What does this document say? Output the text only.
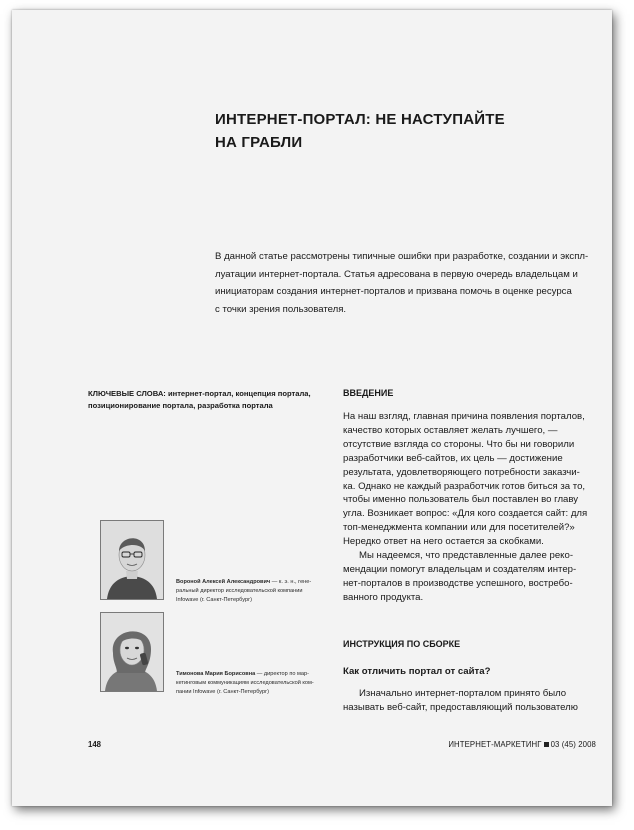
ИНТЕРНЕТ-ПОРТАЛ: НЕ НАСТУПАЙТЕ
НА ГРАБЛИ
В данной статье рассмотрены типичные ошибки при разработке, создании и экспл-
луатации интернет-портала. Статья адресована в первую очередь владельцам и
инициаторам создания интернет-порталов и призвана помочь в оценке ресурса
с точки зрения пользователя.
КЛЮЧЕВЫЕ СЛОВА: интернет-портал, концепция портала,
позиционирование портала, разработка портала
ВВЕДЕНИЕ

На наш взгляд, главная причина появления порталов,

качество которых оставляет желать лучшего, —

отсутствие взгляда со стороны. Что бы ни говорили

разработчики веб-сайтов, их цель — достижение

результата, удовлетворяющего потребности заказчи-

ка. Однако не каждый разработчик готов биться за то,

чтобы именно пользователь был поставлен во главу

угла. Возникает вопрос: «Для кого создается сайт: для

топ-менеджмента компании или для посетителей?»

Нередко ответ на него остается за скобками.

Мы надеемся, что представленные далее реко-

мендации помогут владельцам и создателям интер-

нет-порталов в производстве успешного, востребо-

ванного продукта.

ИНСТРУКЦИЯ ПО СБОРКЕ
Как отличить портал от сайта?

Изначально интернет-порталом принято было

называть веб-сайт, предоставляющий пользователю

Вороной Алексей Александрович — к. э. н., гене-
ральный директор исследовательской компании
Infowave (г. Санкт-Петербург)
Тимонова Мария Борисовна — директор по мар-
кетинговым коммуникациям исследовательской ком-
пании Infowave (г. Санкт-Петербург)
148	ИНТЕРНЕТ-МАРКЕТИНГ 03 (45) 2008
